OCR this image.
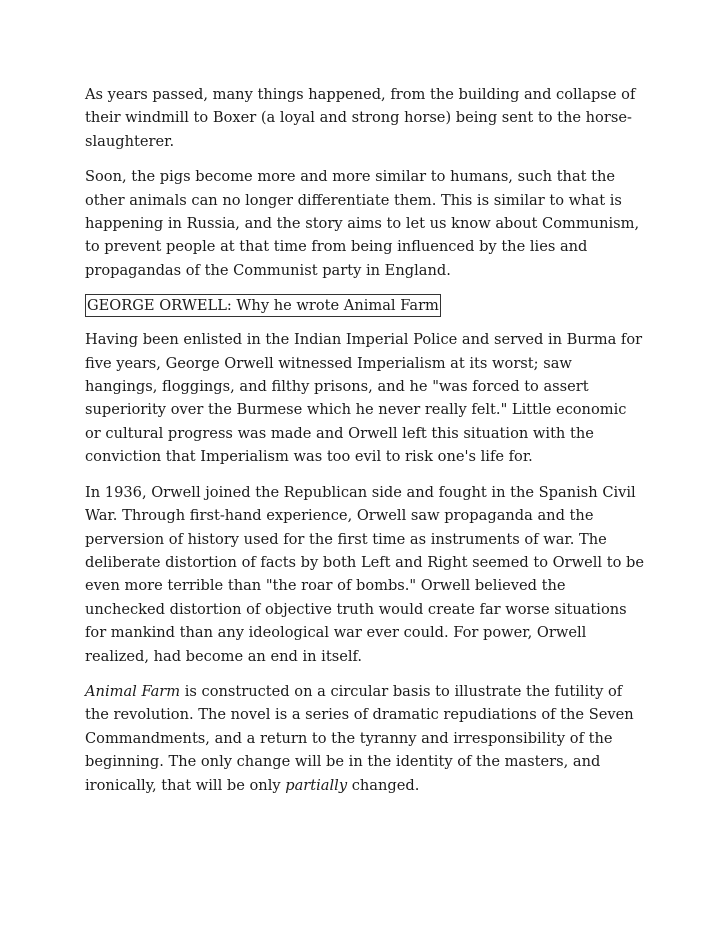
As years passed, many things happened, from the building and collapse of their windmill to Boxer (a loyal and strong horse) being sent to the horse-slaughterer.

Soon, the pigs become more and more similar to humans, such that the other animals can no longer differentiate them. This is similar to what is happening in Russia, and the story aims to let us know about Communism, to prevent people at that time from being influenced by the lies and propagandas of the Communist party in England.

GEORGE ORWELL: Why he wrote Animal Farm

Having been enlisted in the Indian Imperial Police and served in Burma for five years, George Orwell witnessed Imperialism at its worst; saw hangings, floggings, and filthy prisons, and he "was forced to assert superiority over the Burmese which he never really felt." Little economic or cultural progress was made and Orwell left this situation with the conviction that Imperialism was too evil to risk one's life for.

In 1936, Orwell joined the Republican side and fought in the Spanish Civil War. Through first-hand experience, Orwell saw propaganda and the perversion of history used for the first time as instruments of war. The deliberate distortion of facts by both Left and Right seemed to Orwell to be even more terrible than "the roar of bombs." Orwell believed the unchecked distortion of objective truth would create far worse situations for mankind than any ideological war ever could. For power, Orwell realized, had become an end in itself.

Animal Farm is constructed on a circular basis to illustrate the futility of the revolution. The novel is a series of dramatic repudiations of the Seven Commandments, and a return to the tyranny and irresponsibility of the beginning. The only change will be in the identity of the masters, and ironically, that will be only partially changed.
